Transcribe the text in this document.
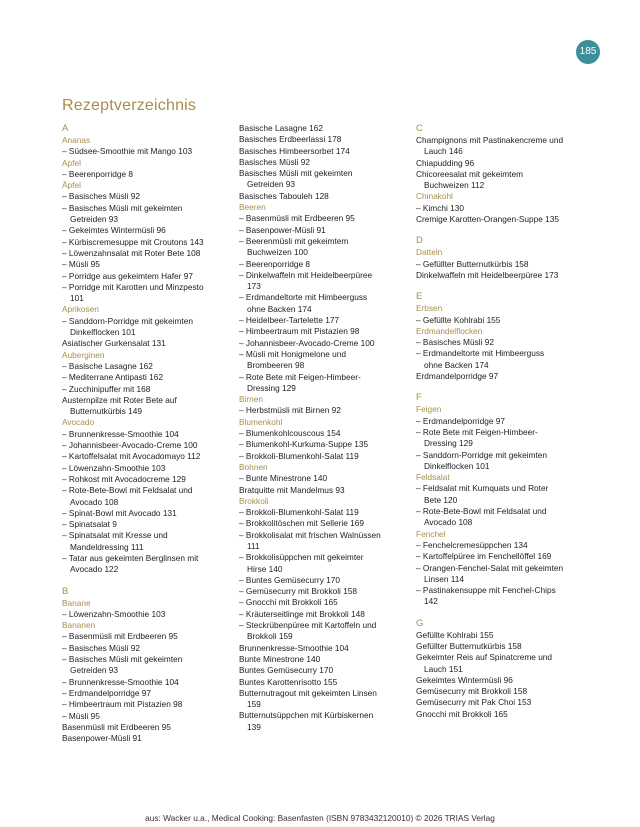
185
Rezeptverzeichnis
A
Ananas
– Südsee-Smoothie mit Mango 103
Apfel
– Beerenporridge 8
Äpfel
– Basisches Müsli 92
– Basisches Müsli mit gekeimten
Getreiden 93
– Gekeimtes Wintermüsli 96
– Kürbiscremesuppe mit Croutons 143
– Löwenzahnsalat mit Roter Bete 108
– Müsli 95
– Porridge aus gekeimtem Hafer 97
– Porridge mit Karotten und Minzpesto
101
Aprikosen
– Sanddorn-Porridge mit gekeimten
Dinkelflocken 101
Asiatischer Gurkensalat 131
Auberginen
– Basische Lasagne 162
– Mediterrane Antipasti 162
– Zucchinipuffer mit 168
Austernpilze mit Roter Bete auf
Butternutkürbis 149
Avocado
– Brunnenkresse-Smoothie 104
– Johannisbeer-Avocado-Creme 100
– Kartoffelsalat mit Avocadomayo 112
– Löwenzahn-Smoothie 103
– Rohkost mit Avocadocreme 129
– Rote-Bete-Bowl mit Feldsalat und
Avocado 108
– Spinat-Bowl mit Avocado 131
– Spinatsalat 9
– Spinatsalat mit Kresse und
Mandeldressing 111
– Tatar aus gekeimten Berglinsen mit
Avocado 122
B
Banane
– Löwenzahn-Smoothie 103
Bananen
– Basenmüsli mit Erdbeeren 95
– Basisches Müsli 92
– Basisches Müsli mit gekeimten
Getreiden 93
– Brunnenkresse-Smoothie 104
– Erdmandelporridge 97
– Himbeertraum mit Pistazien 98
– Müsli 95
Basenmüsli mit Erdbeeren 95
Basenpower-Müsli 91
Basische Lasagne 162
Basisches Erdbeerlassi 178
Basisches Himbeersorbet 174
Basisches Müsli 92
Basisches Müsli mit gekeimten
Getreiden 93
Basisches Tabouleh 128
Beeren
– Basenmüsli mit Erdbeeren 95
– Basenpower-Müsli 91
– Beerenmüsli mit gekeimtem
Buchweizen 100
– Beerenporridge 8
– Dinkelwaffeln mit Heidelbeerpüree
173
– Erdmandeltorte mit Himbeerguss
ohne Backen 174
– Heidelbeer-Tartelette 177
– Himbeertraum mit Pistazien 98
– Johannisbeer-Avocado-Creme 100
– Müsli mit Honigmelone und
Brombeeren 98
– Rote Bete mit Feigen-Himbeer-
Dressing 129
Birnen
– Herbstmüsli mit Birnen 92
Blumenkohl
– Blumenkohlcouscous 154
– Blumenkohl-Kurkuma-Suppe 135
– Brokkoli-Blumenkohl-Salat 119
Bohnen
– Bunte Minestrone 140
Bratquitte mit Mandelmus 93
Brokkoli
– Brokkoli-Blumenkohl-Salat 119
– Brokkolitöschen mit Sellerie 169
– Brokkolisalat mit frischen Walnüssen
111
– Brokkolisüppchen mit gekeimter
Hirse 140
– Buntes Gemüsecurry 170
– Gemüsecurry mit Brokkoli 158
– Gnocchi mit Brokkoli 165
– Kräuterseitlinge mit Brokkoli 148
– Steckrübenpüree mit Kartoffeln und
Brokkoli 159
Brunnenkresse-Smoothie 104
Bunte Minestrone 140
Buntes Gemüsecurry 170
Buntes Karottenrisotto 155
Butternutragout mit gekeimten Linsen
159
Butternutsüppchen mit Kürbiskernen
139
C
Champignons mit Pastinakencreme und
Lauch 146
Chiapudding 96
Chicoreesalat mit gekeimtem
Buchweizen 112
Chinakohl
– Kimchi 130
Cremige Karotten-Orangen-Suppe 135
D
Datteln
– Gefüllter Butternutkürbis 158
Dinkelwaffeln mit Heidelbeerpüree 173
E
Erbsen
– Gefüllte Kohlrabi 155
Erdmandelflocken
– Basisches Müsli 92
– Erdmandeltorte mit Himbeerguss
ohne Backen 174
Erdmandelporridge 97
F
Feigen
– Erdmandelporridge 97
– Rote Bete mit Feigen-Himbeer-
Dressing 129
– Sanddorn-Porridge mit gekeimten
Dinkelflocken 101
Feldsalat
– Feldsalat mit Kumquats und Roter
Bete 120
– Rote-Bete-Bowl mit Feldsalat und
Avocado 108
Fenchel
– Fenchelcremesüppchen 134
– Kartoffelpüree im Fenchellöffel 169
– Orangen-Fenchel-Salat mit gekeimten
Linsen 114
– Pastinakensuppe mit Fenchel-Chips
142
G
Gefüllte Kohlrabi 155
Gefüllter Butternutkürbis 158
Gekeimter Reis auf Spinatcreme und
Lauch 151
Gekeimtes Wintermüsli 96
Gemüsecurry mit Brokkoli 158
Gemüsecurry mit Pak Choi 153
Gnocchi mit Brokkoli 165
aus: Wacker u.a., Medical Cooking: Basenfasten (ISBN 9783432120010) © 2026 TRIAS Verlag
